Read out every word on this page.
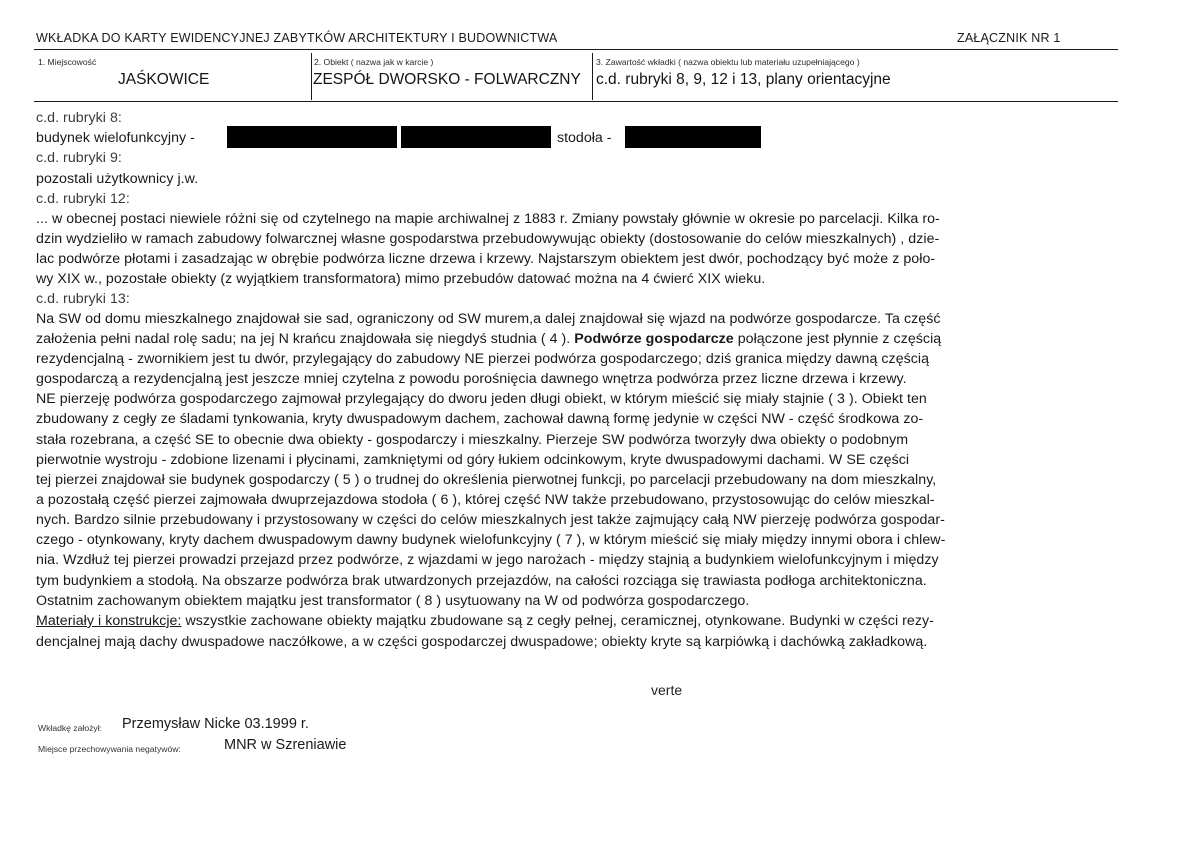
WKŁADKA DO KARTY EWIDENCYJNEJ ZABYTKÓW ARCHITEKTURY I BUDOWNICTWA	ZAŁĄCZNIK NR 1
1. Miejscowość
JAŚKOWICE
2. Obiekt ( nazwa jak w karcie )
ZESPÓŁ DWORSKO - FOLWARCZNY
3. Zawartość wkładki ( nazwa obiektu lub materiału uzupełniającego )
c.d. rubryki 8, 9, 12 i 13, plany orientacyjne
c.d. rubryki 8:
budynek wielofunkcyjny -	stodoła -
c.d. rubryki 9:
pozostali użytkownicy j.w.
c.d. rubryki 12:
... w obecnej postaci niewiele różni się od czytelnego na mapie archiwalnej z 1883 r. Zmiany powstały głównie w okresie po parcelacji. Kilka ro-
dzin wydzieliło w ramach zabudowy folwarcznej własne gospodarstwa przebudowywując obiekty (dostosowanie do celów mieszkalnych) , dzie-
lac podwórze płotami i zasadzając w obrębie podwórza liczne drzewa i krzewy. Najstarszym obiektem jest dwór, pochodzący być może z poło-
wy XIX w., pozostałe obiekty (z wyjątkiem transformatora) mimo przebudów datować można na 4 ćwierć XIX wieku.
c.d. rubryki 13:
Na SW od domu mieszkalnego znajdował sie sad, ograniczony od SW murem,a dalej znajdował się wjazd na podwórze gospodarcze. Ta część
założenia pełni nadal rolę sadu; na jej N krańcu znajdowała się niegdyś studnia ( 4 ). Podwórze gospodarcze połączone jest płynnie z częścią
rezydencjalną - zwornikiem jest tu dwór, przylegający do zabudowy NE pierzei podwórza gospodarczego; dziś granica między dawną częścią
gospodarczą a rezydencjalną jest jeszcze mniej czytelna z powodu porośnięcia dawnego wnętrza podwórza przez liczne drzewa i krzewy.
NE pierzeję podwórza gospodarczego zajmował przylegający do dworu jeden długi obiekt, w którym mieścić się miały stajnie ( 3 ). Obiekt ten
zbudowany z cegły ze śladami tynkowania, kryty dwuspadowym dachem, zachował dawną formę jedynie w części NW - część środkowa zo-
stała rozebrana, a część SE to obecnie dwa obiekty - gospodarczy i mieszkalny. Pierzeje SW podwórza tworzyły dwa obiekty o podobnym
pierwotnie wystroju - zdobione lizenami i płycinami, zamkniętymi od góry łukiem odcinkowym, kryte dwuspadowymi dachami. W SE części
tej pierzei znajdował sie budynek gospodarczy ( 5 ) o trudnej do określenia pierwotnej funkcji, po parcelacji przebudowany na dom mieszkalny,
a pozostałą część pierzei zajmowała dwuprzejazdowa stodoła ( 6 ), której część NW także przebudowano, przystosowując do celów mieszkal-
nych. Bardzo silnie przebudowany i przystosowany w części do celów mieszkalnych jest także zajmujący całą NW pierzeję podwórza gospodar-
czego - otynkowany, kryty dachem dwuspadowym dawny budynek wielofunkcyjny ( 7 ), w którym mieścić się miały między innymi obora i chlew-
nia. Wzdłuż tej pierzei prowadzi przejazd przez podwórze, z wjazdami w jego narożach - między stajnią a budynkiem wielofunkcyjnym i między
tym budynkiem a stodołą. Na obszarze podwórza brak utwardzonych przejazdów, na całości rozciąga się trawiasta podłoga architektoniczna.
Ostatnim zachowanym obiektem majątku jest transformator ( 8 ) usytuowany na W od podwórza gospodarczego.
Materiały i konstrukcje: wszystkie zachowane obiekty majątku zbudowane są z cegły pełnej, ceramicznej, otynkowane. Budynki w części rezy-
dencjalnej mają dachy dwuspadowe naczółkowe, a w części gospodarczej dwuspadowe; obiekty kryte są karpiówką i dachówką zakładkową.
verte
Wkładkę założył: Przemysław Nicke 03.1999 r.
Miejsce przechowywania negatywów:	MNR w Szreniawie
